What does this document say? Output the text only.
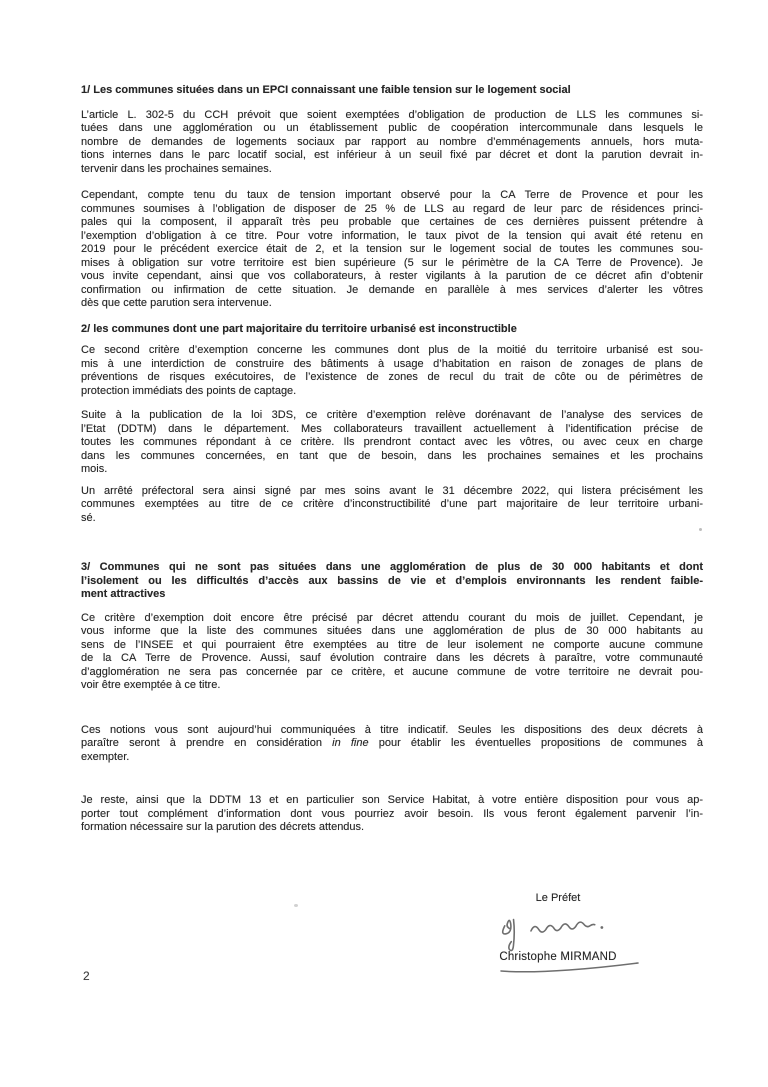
1/ Les communes situées dans un EPCI connaissant une faible tension sur le logement social
L’article L. 302-5 du CCH prévoit que soient exemptées d’obligation de production de LLS les communes si-
tuées dans une agglomération ou un établissement public de coopération intercommunale dans lesquels le
nombre de demandes de logements sociaux par rapport au nombre d’emménagements annuels, hors muta-
tions internes dans le parc locatif social, est inférieur à un seuil fixé par décret et dont la parution devrait in-
tervenir dans les prochaines semaines.
Cependant, compte tenu du taux de tension important observé pour la CA Terre de Provence et pour les
communes soumises à l’obligation de disposer de 25 % de LLS au regard de leur parc de résidences princi-
pales qui la composent, il apparaît très peu probable que certaines de ces dernières puissent prétendre à
l’exemption d’obligation à ce titre. Pour votre information, le taux pivot de la tension qui avait été retenu en
2019 pour le précédent exercice était de 2, et la tension sur le logement social de toutes les communes sou-
mises à obligation sur votre territoire est bien supérieure (5 sur le périmètre de la CA Terre de Provence). Je
vous invite cependant, ainsi que vos collaborateurs, à rester vigilants à la parution de ce décret afin d’obtenir
confirmation ou infirmation de cette situation. Je demande en parallèle à mes services d’alerter les vôtres
dès que cette parution sera intervenue.
2/ les communes dont une part majoritaire du territoire urbanisé est inconstructible
Ce second critère d’exemption concerne les communes dont plus de la moitié du territoire urbanisé est sou-
mis à une interdiction de construire des bâtiments à usage d’habitation en raison de zonages de plans de
préventions de risques exécutoires, de l’existence de zones de recul du trait de côte ou de périmètres de
protection immédiats des points de captage.
Suite à la publication de la loi 3DS, ce critère d’exemption relève dorénavant de l’analyse des services de
l’Etat (DDTM) dans le département. Mes collaborateurs travaillent actuellement à l’identification précise de
toutes les communes répondant à ce critère. Ils prendront contact avec les vôtres, ou avec ceux en charge
dans les communes concernées, en tant que de besoin, dans les prochaines semaines et les prochains
mois.
Un arrêté préfectoral sera ainsi signé par mes soins avant le 31 décembre 2022, qui listera précisément les
communes exemptées au titre de ce critère d’inconstructibilité d’une part majoritaire de leur territoire urbani-
sé.
3/ Communes qui ne sont pas situées dans une agglomération de plus de 30 000 habitants et dont
l’isolement ou les difficultés d’accès aux bassins de vie et d’emplois environnants les rendent faible-
ment attractives
Ce critère d’exemption doit encore être précisé par décret attendu courant du mois de juillet. Cependant, je
vous informe que la liste des communes situées dans une agglomération de plus de 30 000 habitants au
sens de l’INSEE et qui pourraient être exemptées au titre de leur isolement ne comporte aucune commune
de la CA Terre de Provence. Aussi, sauf évolution contraire dans les décrets à paraître, votre communauté
d’agglomération ne sera pas concernée par ce critère, et aucune commune de votre territoire ne devrait pou-
voir être exemptée à ce titre.
Ces notions vous sont aujourd’hui communiquées à titre indicatif. Seules les dispositions des deux décrets à
paraître seront à prendre en considération in fine pour établir les éventuelles propositions de communes à
exempter.
Je reste, ainsi que la DDTM 13 et en particulier son Service Habitat, à votre entière disposition pour vous ap-
porter tout complément d’information dont vous pourriez avoir besoin. Ils vous feront également parvenir l’in-
formation nécessaire sur la parution des décrets attendus.
Le Préfet
Christophe MIRMAND
2
